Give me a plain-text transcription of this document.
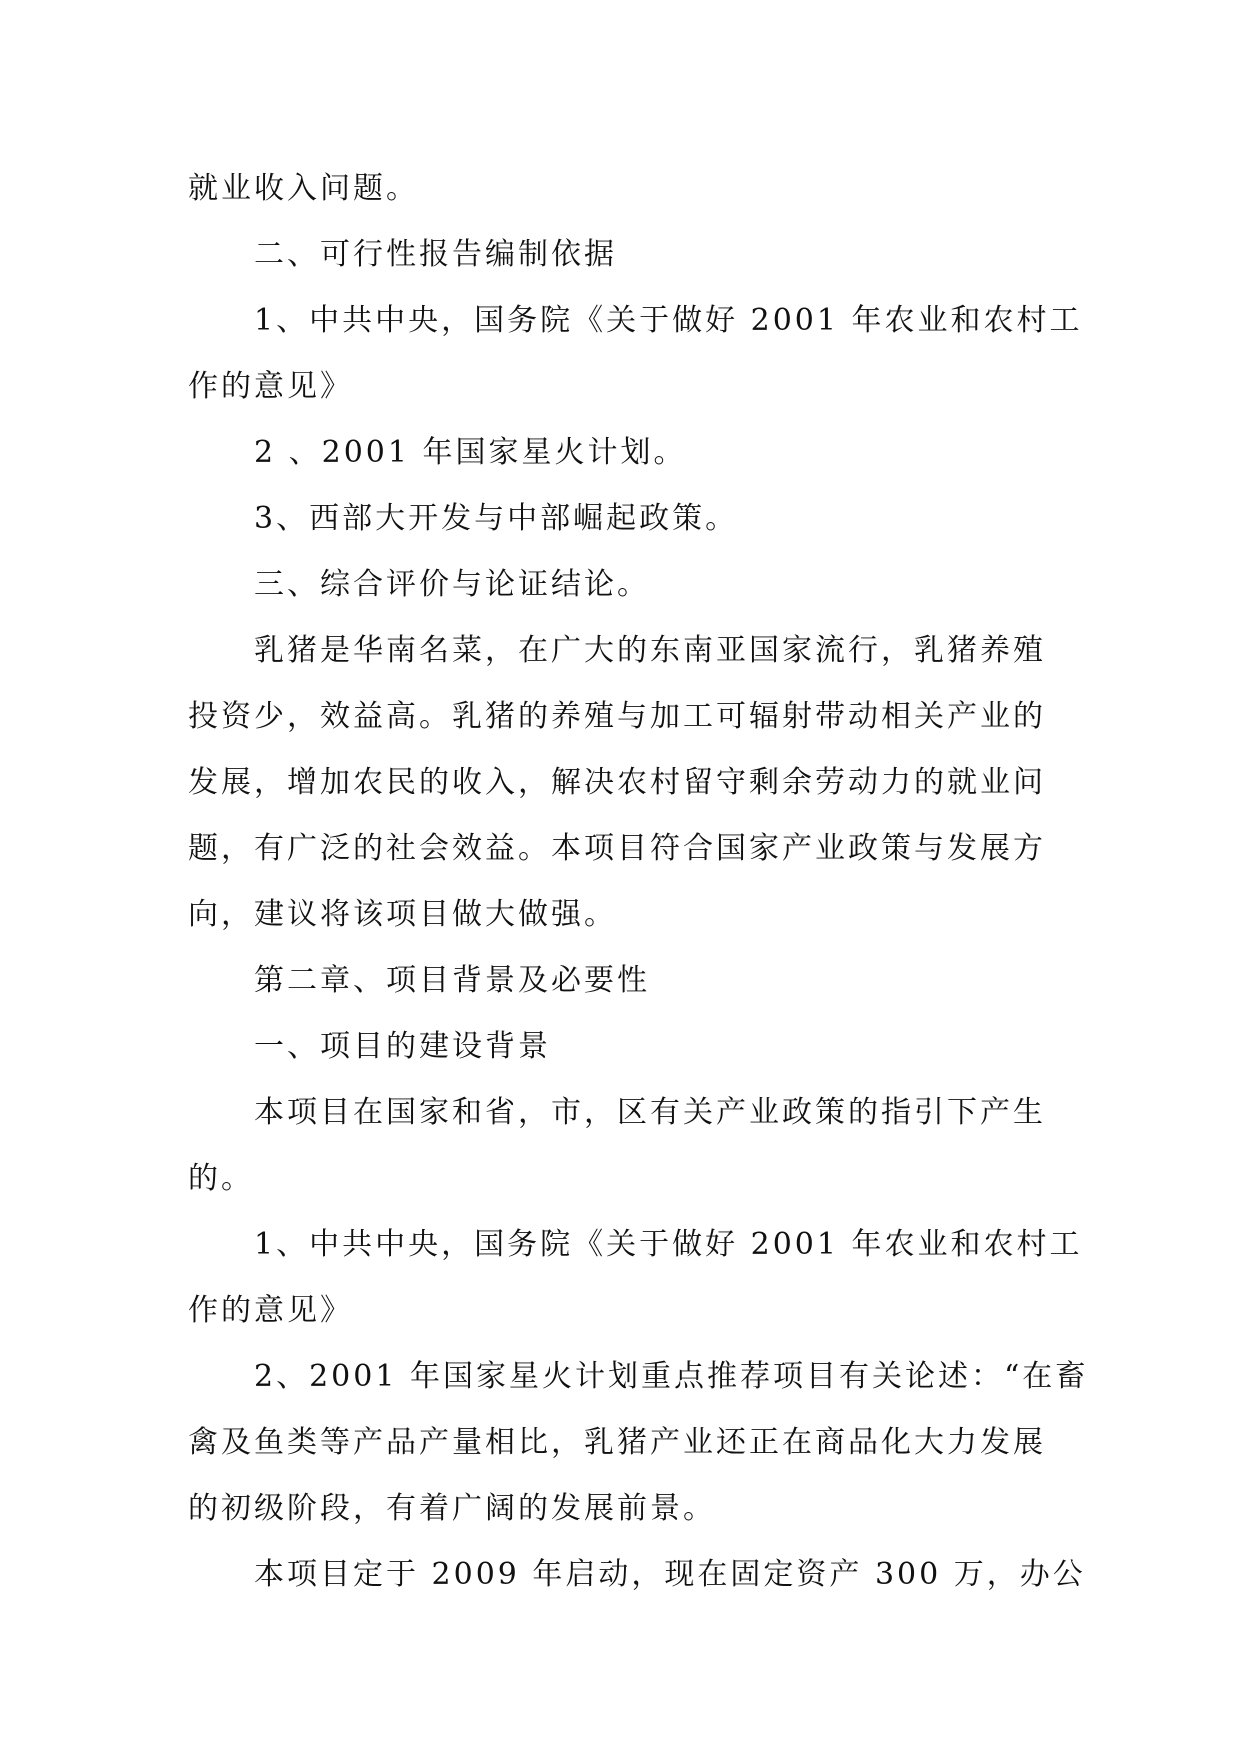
就业收入问题。
二、可行性报告编制依据
1、中共中央，国务院《关于做好 2001 年农业和农村工
作的意见》
2 、2001 年国家星火计划。
3、西部大开发与中部崛起政策。
三、综合评价与论证结论。
乳猪是华南名菜，在广大的东南亚国家流行，乳猪养殖
投资少，效益高。乳猪的养殖与加工可辐射带动相关产业的
发展，增加农民的收入，解决农村留守剩余劳动力的就业问
题，有广泛的社会效益。本项目符合国家产业政策与发展方
向，建议将该项目做大做强。
第二章、项目背景及必要性
一、项目的建设背景
本项目在国家和省，市，区有关产业政策的指引下产生
的。
1、中共中央，国务院《关于做好 2001 年农业和农村工
作的意见》
2、2001 年国家星火计划重点推荐项目有关论述：“在畜
禽及鱼类等产品产量相比，乳猪产业还正在商品化大力发展
的初级阶段，有着广阔的发展前景。
本项目定于 2009 年启动，现在固定资产 300 万，办公
